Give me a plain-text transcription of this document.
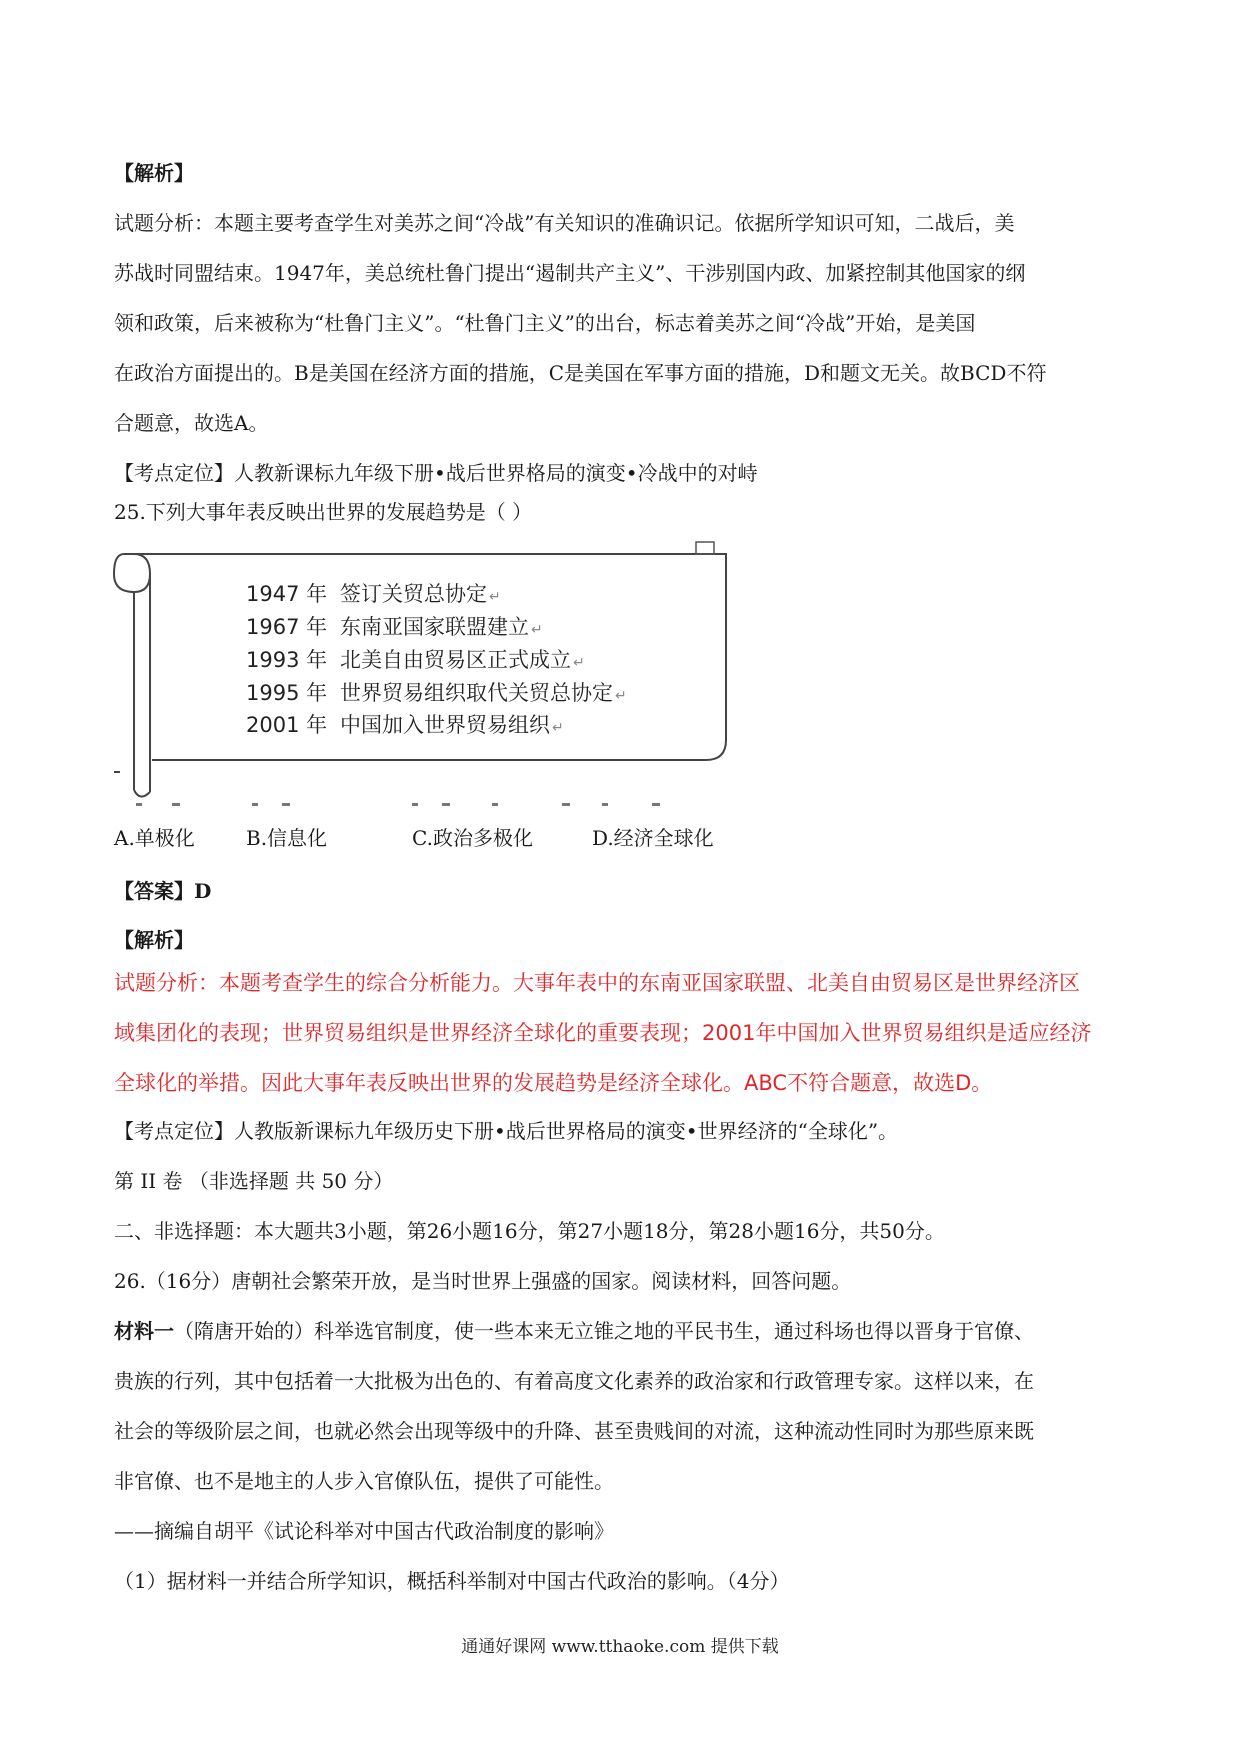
【解析】
试题分析：本题主要考查学生对美苏之间“冷战”有关知识的准确识记。依据所学知识可知，二战后，美
苏战时同盟结束。1947年，美总统杜鲁门提出“遏制共产主义”、干涉别国内政、加紧控制其他国家的纲
领和政策，后来被称为“杜鲁门主义”。“杜鲁门主义”的出台，标志着美苏之间“冷战”开始，是美国
在政治方面提出的。B是美国在经济方面的措施，C是美国在军事方面的措施，D和题文无关。故BCD不符
合题意，故选A。
【考点定位】人教新课标九年级下册•战后世界格局的演变•冷战中的对峙
25.下列大事年表反映出世界的发展趋势是（ ）
1947 年 签订关贸总协定 ↵
1967 年 东南亚国家联盟建立 ↵
1993 年 北美自由贸易区正式成立 ↵
1995 年 世界贸易组织取代关贸总协定 ↵
2001 年 中国加入世界贸易组织 ↵
A.单极化	B.信息化	C.政治多极化	D.经济全球化
【答案】D
【解析】
试题分析：本题考查学生的综合分析能力。大事年表中的东南亚国家联盟、北美自由贸易区是世界经济区
域集团化的表现；世界贸易组织是世界经济全球化的重要表现；2001年中国加入世界贸易组织是适应经济
全球化的举措。因此大事年表反映出世界的发展趋势是经济全球化。ABC不符合题意，故选D。
【考点定位】人教版新课标九年级历史下册•战后世界格局的演变•世界经济的“全球化”。
第 II 卷 （非选择题 共 50 分）
二、非选择题：本大题共3小题，第26小题16分，第27小题18分，第28小题16分，共50分。
26.（16分）唐朝社会繁荣开放，是当时世界上强盛的国家。阅读材料，回答问题。
材料一（隋唐开始的）科举选官制度，使一些本来无立锥之地的平民书生，通过科场也得以晋身于官僚、
贵族的行列，其中包括着一大批极为出色的、有着高度文化素养的政治家和行政管理专家。这样以来，在
社会的等级阶层之间，也就必然会出现等级中的升降、甚至贵贱间的对流，这种流动性同时为那些原来既
非官僚、也不是地主的人步入官僚队伍，提供了可能性。
——摘编自胡平《试论科举对中国古代政治制度的影响》
（1）据材料一并结合所学知识，概括科举制对中国古代政治的影响。（4分）
通通好课网 www.tthaoke.com 提供下载
